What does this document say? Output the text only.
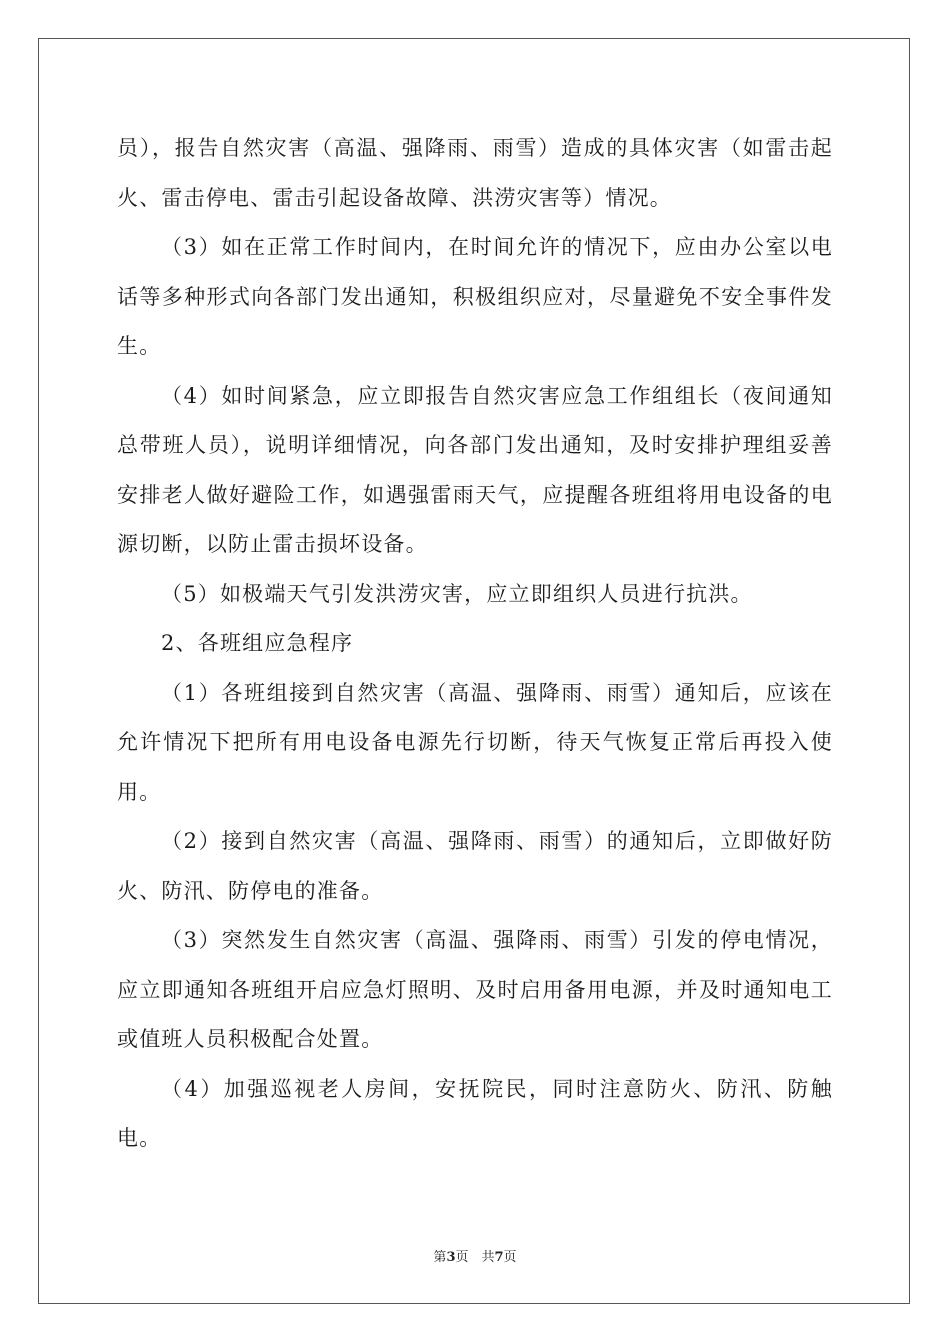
员），报告自然灾害（高温、强降雨、雨雪）造成的具体灾害（如雷击起火、雷击停电、雷击引起设备故障、洪涝灾害等）情况。

（3）如在正常工作时间内，在时间允许的情况下，应由办公室以电话等多种形式向各部门发出通知，积极组织应对，尽量避免不安全事件发生。

（4）如时间紧急，应立即报告自然灾害应急工作组组长（夜间通知总带班人员），说明详细情况，向各部门发出通知，及时安排护理组妥善安排老人做好避险工作，如遇强雷雨天气，应提醒各班组将用电设备的电源切断，以防止雷击损坏设备。

（5）如极端天气引发洪涝灾害，应立即组织人员进行抗洪。

2、各班组应急程序

（1）各班组接到自然灾害（高温、强降雨、雨雪）通知后，应该在允许情况下把所有用电设备电源先行切断，待天气恢复正常后再投入使用。

（2）接到自然灾害（高温、强降雨、雨雪）的通知后，立即做好防火、防汛、防停电的准备。

（3）突然发生自然灾害（高温、强降雨、雨雪）引发的停电情况，应立即通知各班组开启应急灯照明、及时启用备用电源，并及时通知电工或值班人员积极配合处置。

（4）加强巡视老人房间，安抚院民，同时注意防火、防汛、防触电。

第3页　共7页
